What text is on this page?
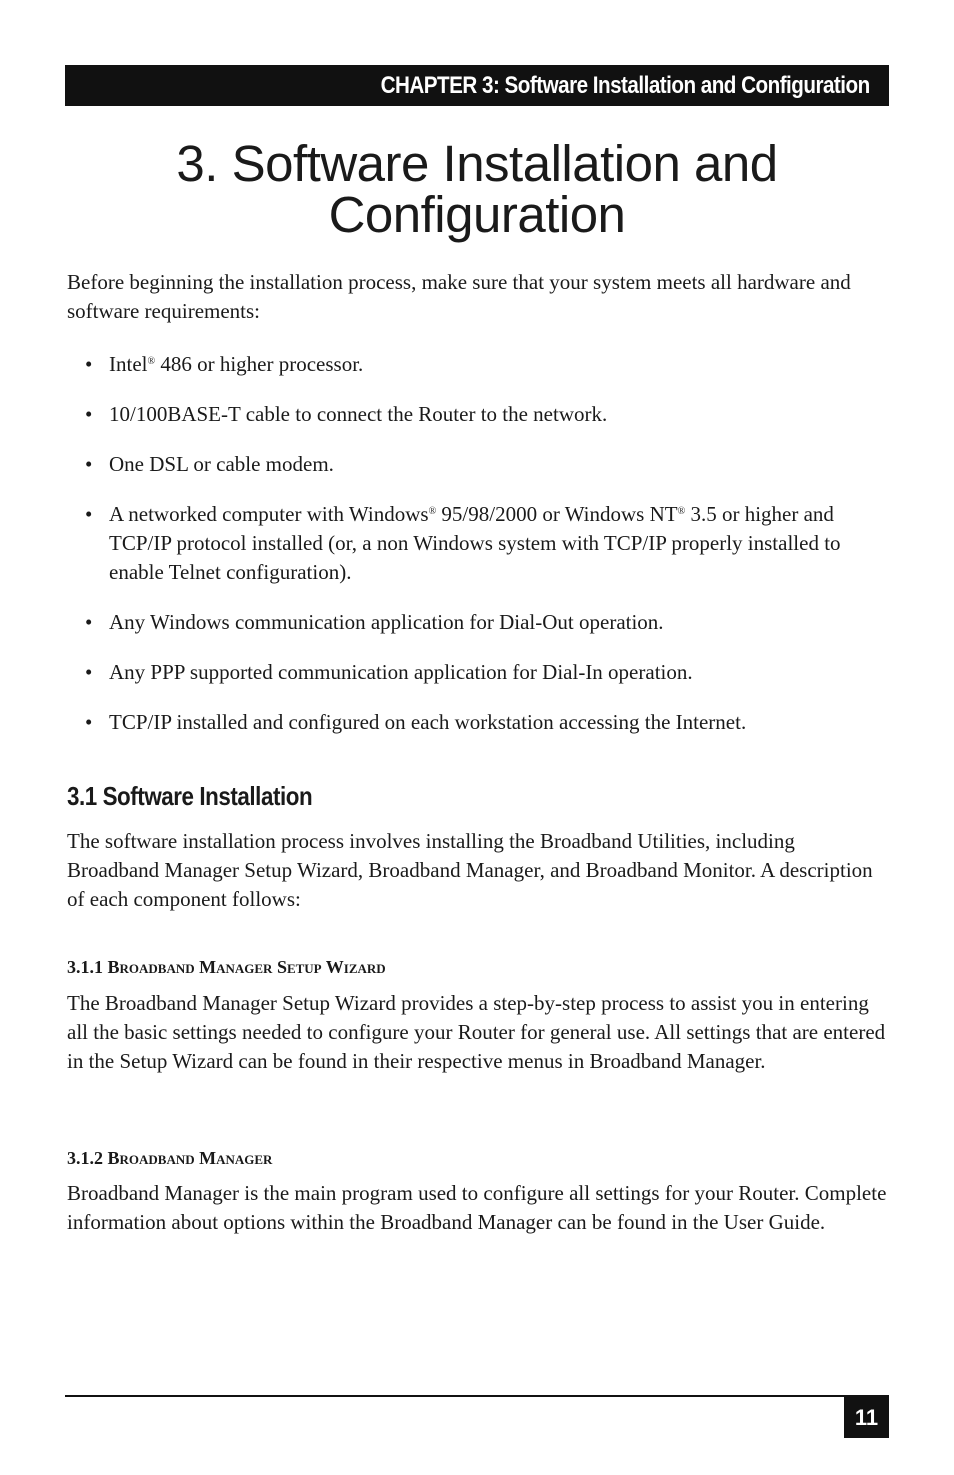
CHAPTER 3: Software Installation and Configuration
3. Software Installation and
Configuration

Before beginning the installation process, make sure that your system meets all hardware and software requirements:

• Intel® 486 or higher processor.
• 10/100BASE-T cable to connect the Router to the network.
• One DSL or cable modem.
• A networked computer with Windows® 95/98/2000 or Windows NT® 3.5 or higher and TCP/IP protocol installed (or, a non Windows system with TCP/IP properly installed to enable Telnet configuration).
• Any Windows communication application for Dial-Out operation.
• Any PPP supported communication application for Dial-In operation.
• TCP/IP installed and configured on each workstation accessing the Internet.
3.1 Software Installation

The software installation process involves installing the Broadband Utilities, including Broadband Manager Setup Wizard, Broadband Manager, and Broadband Monitor. A description of each component follows:

3.1.1 Broadband Manager Setup Wizard

The Broadband Manager Setup Wizard provides a step-by-step process to assist you in entering all the basic settings needed to configure your Router for general use. All settings that are entered in the Setup Wizard can be found in their respective menus in Broadband Manager.

3.1.2 Broadband Manager

Broadband Manager is the main program used to configure all settings for your Router. Complete information about options within the Broadband Manager can be found in the User Guide.

11
